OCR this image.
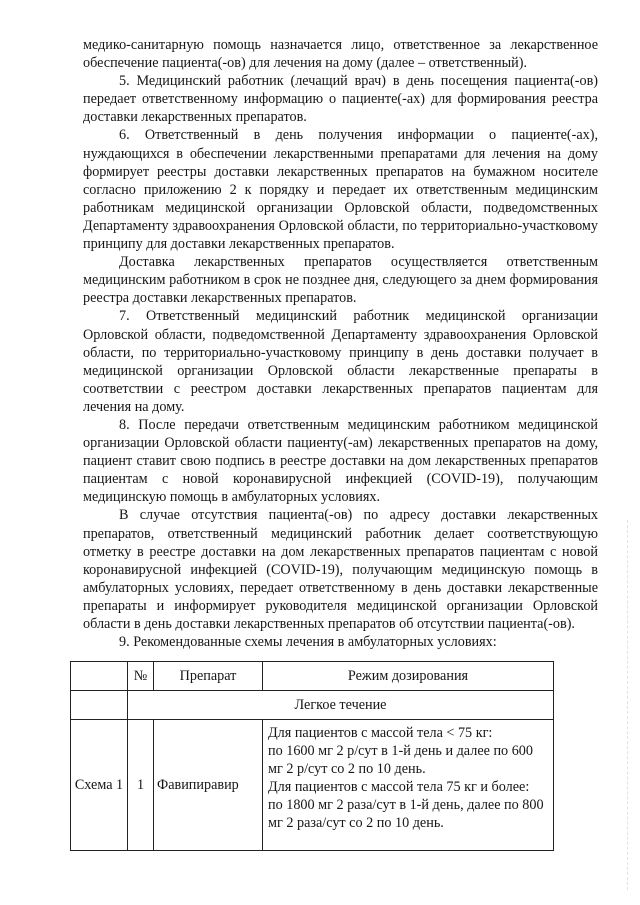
медико-санитарную помощь назначается лицо, ответственное за лекарственное обеспечение пациента(-ов) для лечения на дому (далее – ответственный).

5. Медицинский работник (лечащий врач) в день посещения пациента(-ов) передает ответственному информацию о пациенте(-ах) для формирования реестра доставки лекарственных препаратов.

6. Ответственный в день получения информации о пациенте(-ах), нуждающихся в обеспечении лекарственными препаратами для лечения на дому формирует реестры доставки лекарственных препаратов на бумажном носителе согласно приложению 2 к порядку и передает их ответственным медицинским работникам медицинской организации Орловской области, подведомственных Департаменту здравоохранения Орловской области, по территориально-участковому принципу для доставки лекарственных препаратов.

Доставка лекарственных препаратов осуществляется ответственным медицинским работником в срок не позднее дня, следующего за днем формирования реестра доставки лекарственных препаратов.

7. Ответственный медицинский работник медицинской организации Орловской области, подведомственной Департаменту здравоохранения Орловской области, по территориально-участковому принципу в день доставки получает в медицинской организации Орловской области лекарственные препараты в соответствии с реестром доставки лекарственных препаратов пациентам для лечения на дому.

8. После передачи ответственным медицинским работником медицинской организации Орловской области пациенту(-ам) лекарственных препаратов на дому, пациент ставит свою подпись в реестре доставки на дом лекарственных препаратов пациентам с новой коронавирусной инфекцией (COVID-19), получающим медицинскую помощь в амбулаторных условиях.

В случае отсутствия пациента(-ов) по адресу доставки лекарственных препаратов, ответственный медицинский работник делает соответствующую отметку в реестре доставки на дом лекарственных препаратов пациентам с новой коронавирусной инфекцией (COVID-19), получающим медицинскую помощь в амбулаторных условиях, передает ответственному в день доставки лекарственные препараты и информирует руководителя медицинской организации Орловской области в день доставки лекарственных препаратов об отсутствии пациента(-ов).

9. Рекомендованные схемы лечения в амбулаторных условиях:

	№	Препарат	Режим дозирования
	Легкое течение		
Схема 1	1	Фавипиравир	Для пациентов с массой тела < 75 кг:
по 1600 мг 2 р/сут в 1-й день и далее по 600 мг 2 р/сут со 2 по 10 день.
Для пациентов с массой тела 75 кг и более:
по 1800 мг 2 раза/сут в 1-й день, далее по 800 мг 2 раза/сут со 2 по 10 день.
